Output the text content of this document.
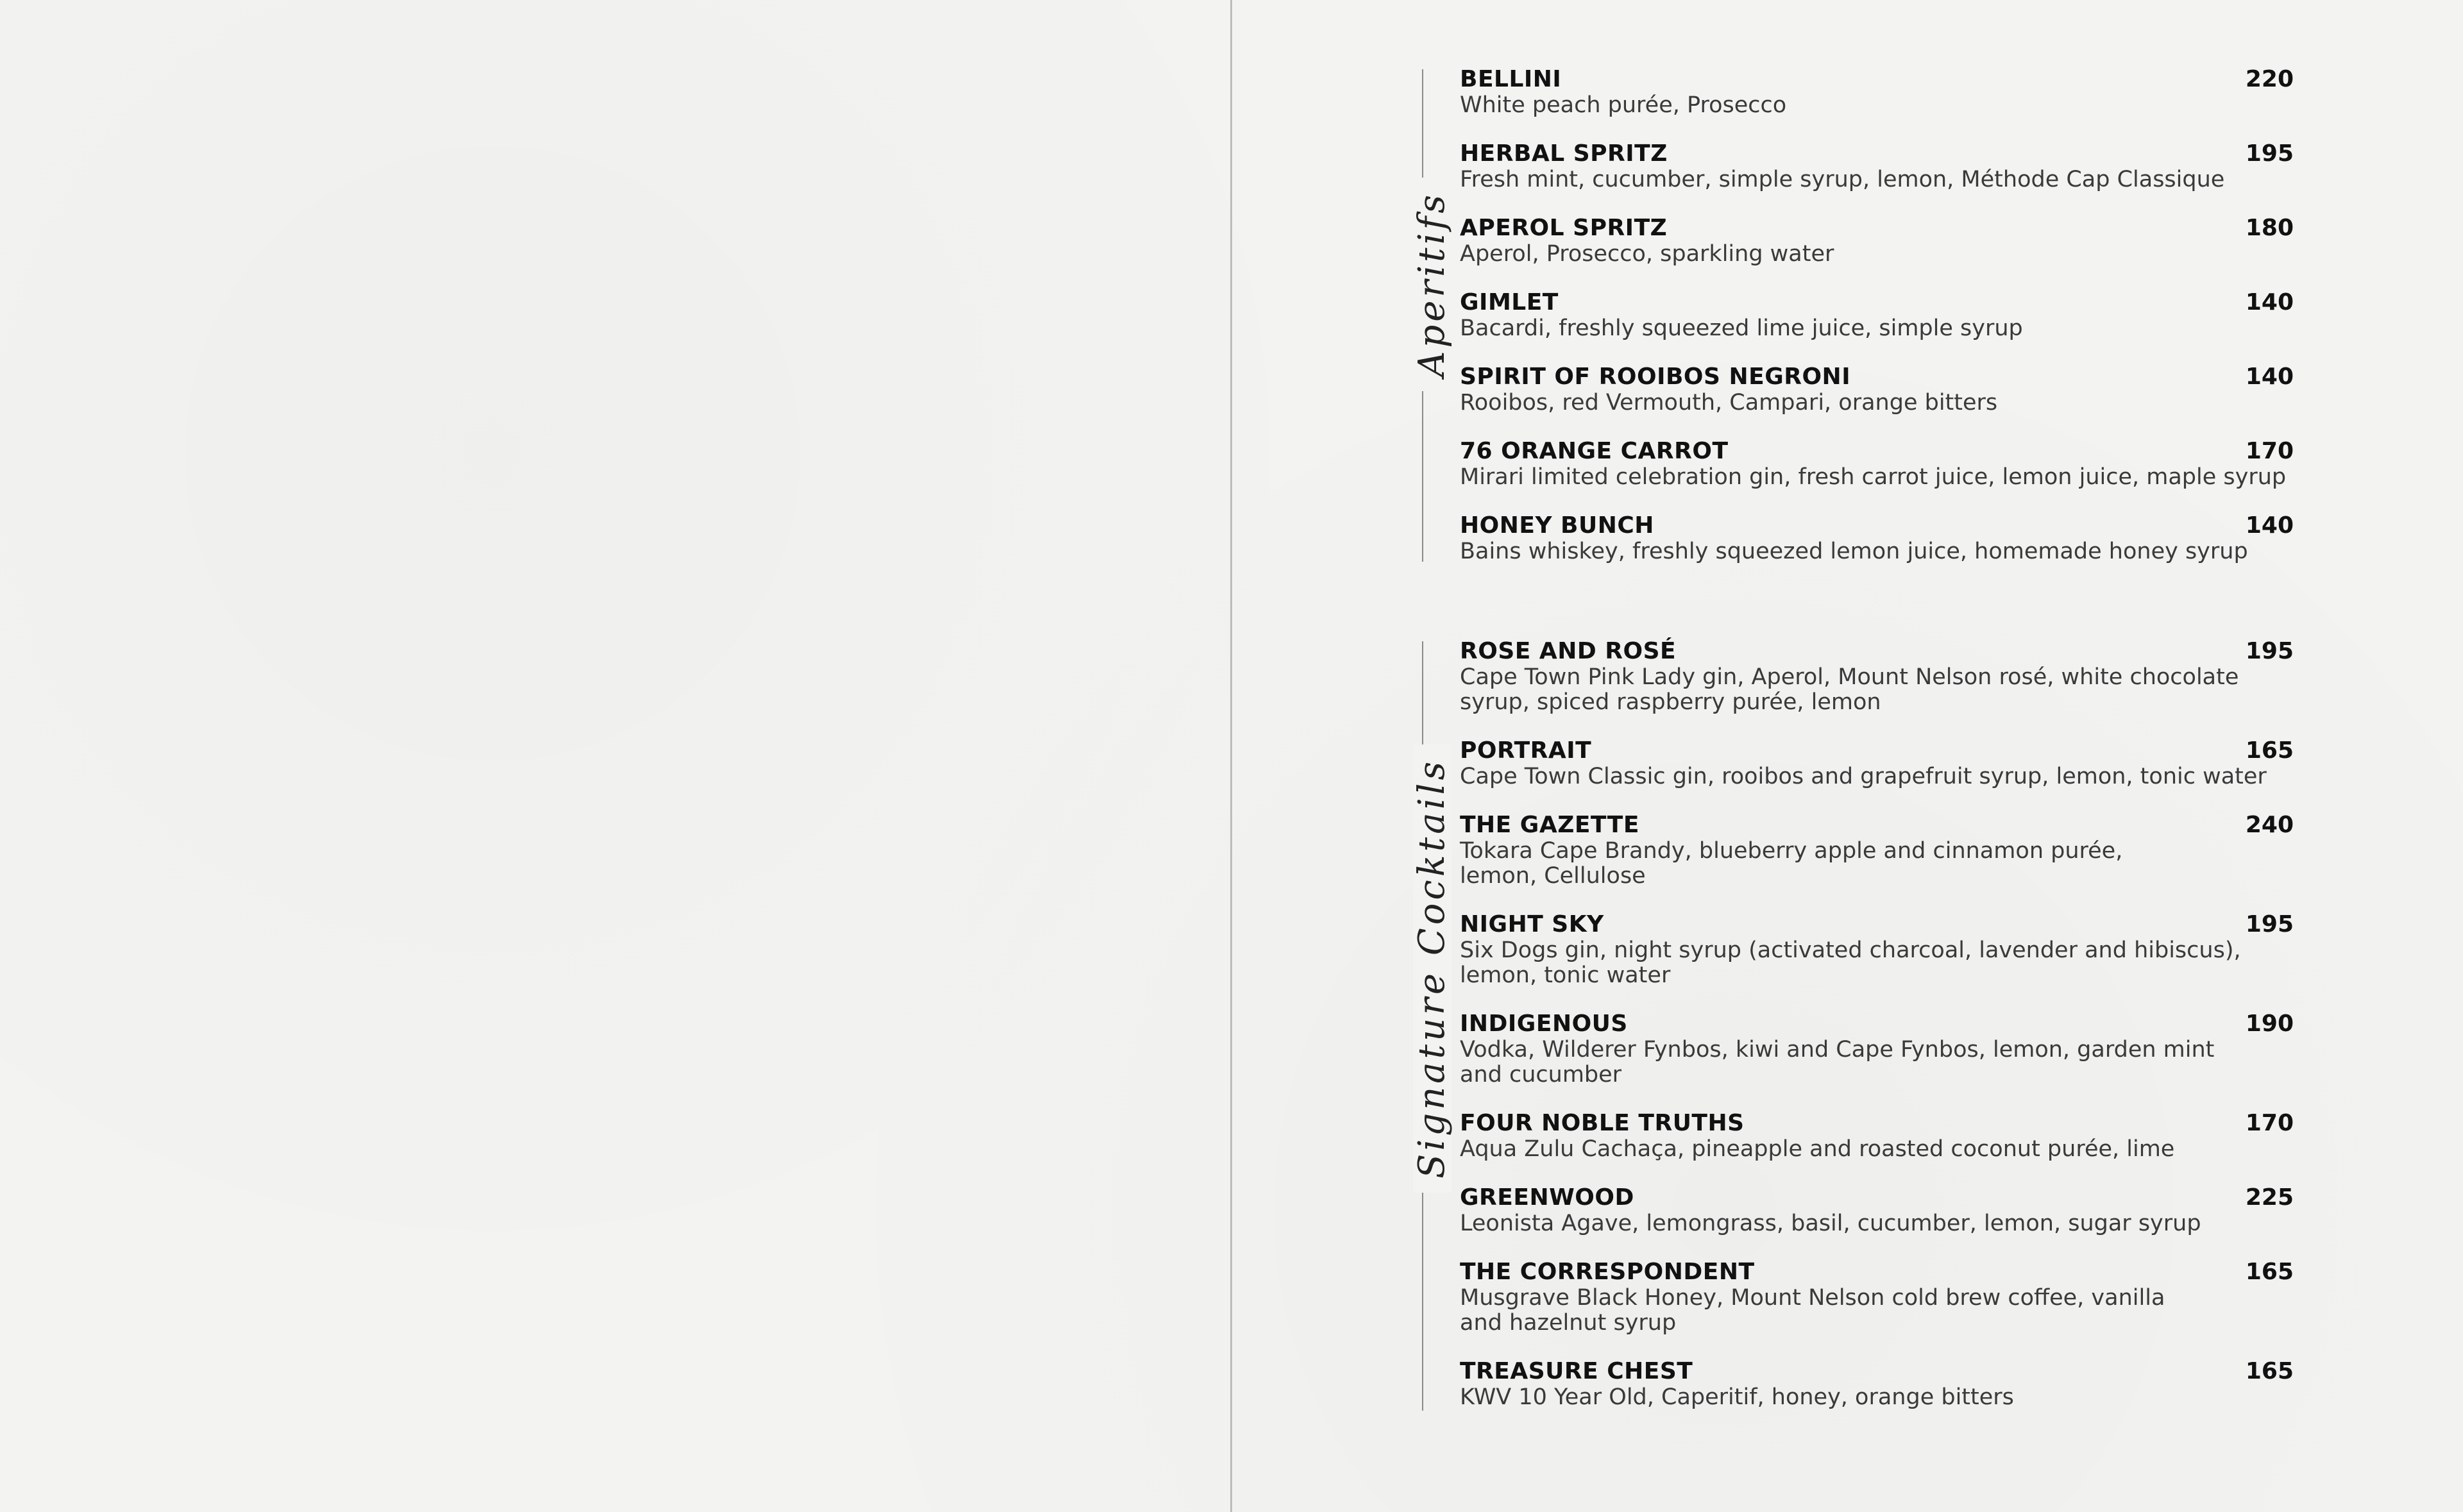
Aperitifs
BELLINI
White peach purée, Prosecco
220
HERBAL SPRITZ
Fresh mint, cucumber, simple syrup, lemon, Méthode Cap Classique
195
APEROL SPRITZ
Aperol, Prosecco, sparkling water
180
GIMLET
Bacardi, freshly squeezed lime juice, simple syrup
140
SPIRIT OF ROOIBOS NEGRONI
Rooibos, red Vermouth, Campari, orange bitters
140
76 ORANGE CARROT
Mirari limited celebration gin, fresh carrot juice, lemon juice, maple syrup
170
HONEY BUNCH
Bains whiskey, freshly squeezed lemon juice, homemade honey syrup
140
Signature Cocktails
ROSE AND ROSÉ
Cape Town Pink Lady gin, Aperol, Mount Nelson rosé, white chocolate
syrup, spiced raspberry purée, lemon
195
PORTRAIT
Cape Town Classic gin, rooibos and grapefruit syrup, lemon, tonic water
165
THE GAZETTE
Tokara Cape Brandy, blueberry apple and cinnamon purée,
lemon, Cellulose
240
NIGHT SKY
Six Dogs gin, night syrup (activated charcoal, lavender and hibiscus),
lemon, tonic water
195
INDIGENOUS
Vodka, Wilderer Fynbos, kiwi and Cape Fynbos, lemon, garden mint
and cucumber
190
FOUR NOBLE TRUTHS
Aqua Zulu Cachaça, pineapple and roasted coconut purée, lime
170
GREENWOOD
Leonista Agave, lemongrass, basil, cucumber, lemon, sugar syrup
225
THE CORRESPONDENT
Musgrave Black Honey, Mount Nelson cold brew coffee, vanilla
and hazelnut syrup
165
TREASURE CHEST
KWV 10 Year Old, Caperitif, honey, orange bitters
165
